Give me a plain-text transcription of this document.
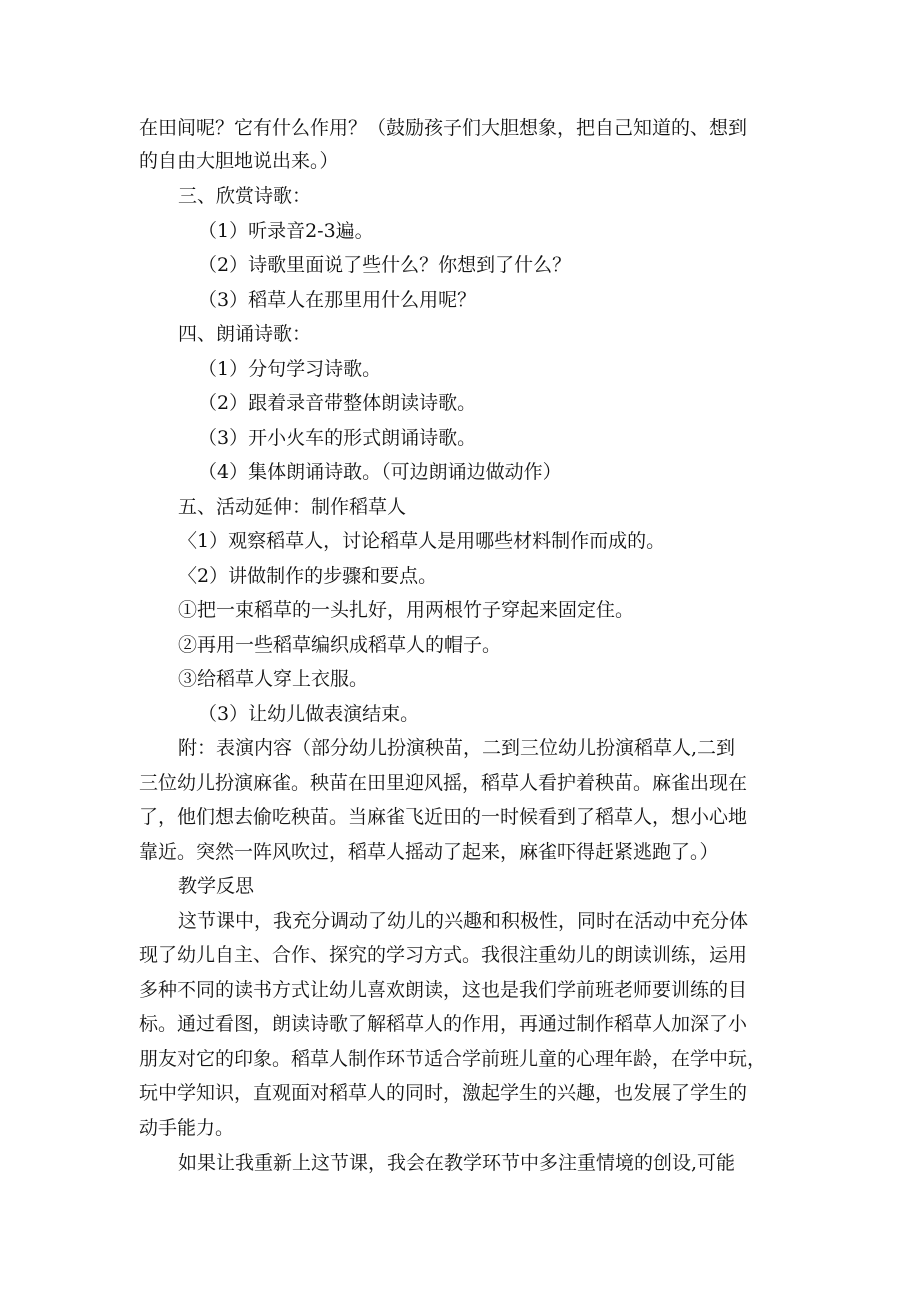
在田间呢？它有什么作用？（鼓励孩子们大胆想象，把自己知道的、想到
的自由大胆地说出来。）
三、欣赏诗歌：
（1）听录音2-3遍。
（2）诗歌里面说了些什么？你想到了什么？
（3）稻草人在那里用什么用呢？
四、朗诵诗歌：
（1）分句学习诗歌。
（2）跟着录音带整体朗读诗歌。
（3）开小火车的形式朗诵诗歌。
（4）集体朗诵诗敢。（可边朗诵边做动作）
五、活动延伸：制作稻草人
〈1）观察稻草人，讨论稻草人是用哪些材料制作而成的。
〈2）讲做制作的步骤和要点。
①把一束稻草的一头扎好，用两根竹子穿起来固定住。
②再用一些稻草编织成稻草人的帽子。
③给稻草人穿上衣服。
（3）让幼儿做表演结束。
附：表演内容（部分幼儿扮演秧苗，二到三位幼儿扮演稻草人,二到
三位幼儿扮演麻雀。秧苗在田里迎风摇，稻草人看护着秧苗。麻雀出现在
了，他们想去偷吃秧苗。当麻雀飞近田的一时候看到了稻草人，想小心地
靠近。突然一阵风吹过，稻草人摇动了起来，麻雀吓得赶紧逃跑了。）
教学反思
这节课中，我充分调动了幼儿的兴趣和积极性，同时在活动中充分体
现了幼儿自主、合作、探究的学习方式。我很注重幼儿的朗读训练，运用
多种不同的读书方式让幼儿喜欢朗读，这也是我们学前班老师要训练的目
标。通过看图，朗读诗歌了解稻草人的作用，再通过制作稻草人加深了小
朋友对它的印象。稻草人制作环节适合学前班儿童的心理年龄，在学中玩，
玩中学知识，直观面对稻草人的同时，激起学生的兴趣，也发展了学生的
动手能力。
如果让我重新上这节课，我会在教学环节中多注重情境的创设,可能
